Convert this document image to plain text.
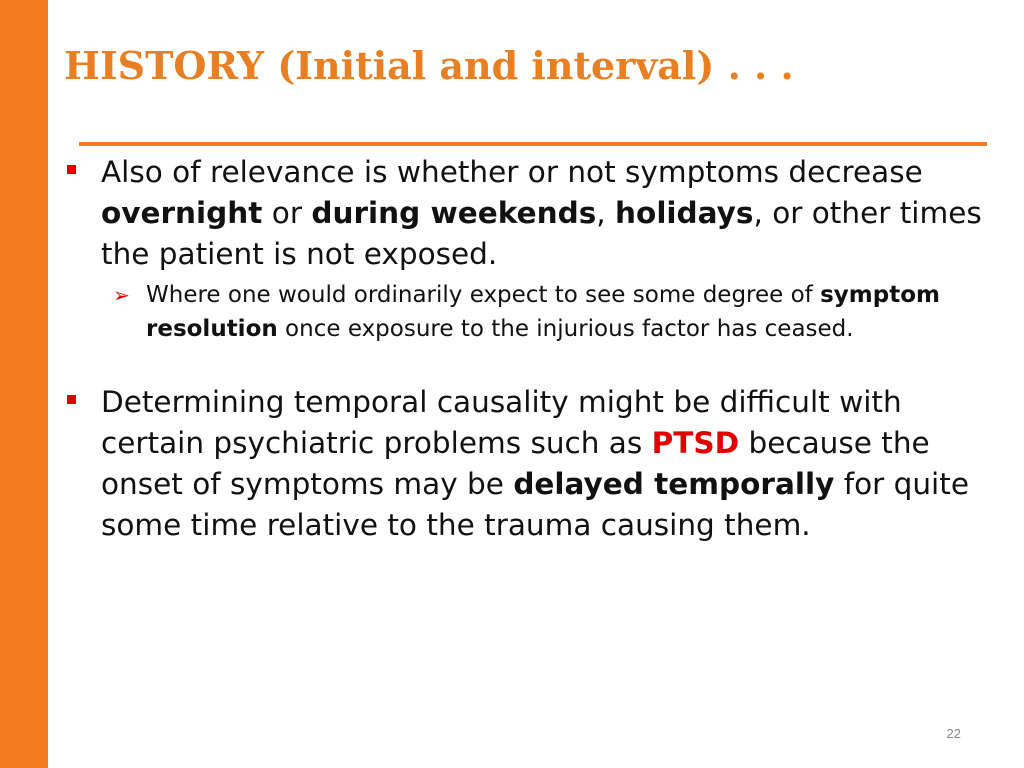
HISTORY (Initial and interval) . . .
Also of relevance is whether or not symptoms decrease overnight or during weekends, holidays, or other times the patient is not exposed.
➢ Where one would ordinarily expect to see some degree of symptom resolution once exposure to the injurious factor has ceased.
Determining temporal causality might be difficult with certain psychiatric problems such as PTSD because the onset of symptoms may be delayed temporally for quite some time relative to the trauma causing them.
22
